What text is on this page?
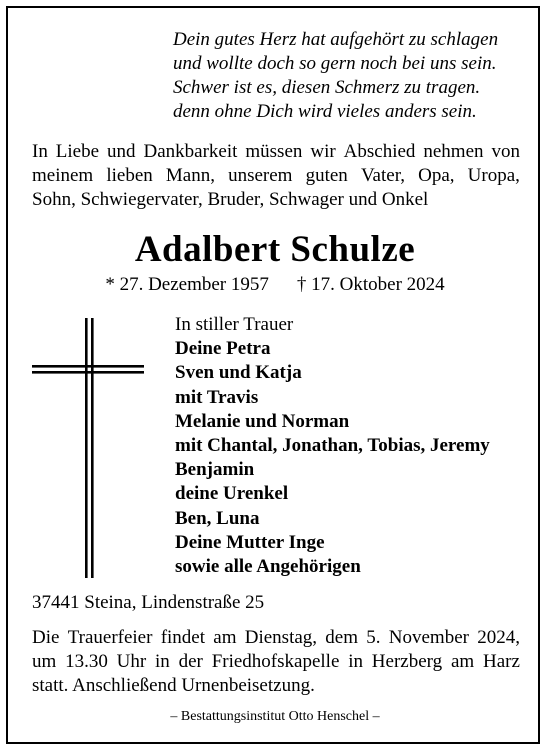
Dein gutes Herz hat aufgehört zu schlagen
und wollte doch so gern noch bei uns sein.
Schwer ist es, diesen Schmerz zu tragen.
denn ohne Dich wird vieles anders sein.
In Liebe und Dankbarkeit müssen wir Abschied nehmen von
meinem lieben Mann, unserem guten Vater, Opa, Uropa,
Sohn, Schwiegervater, Bruder, Schwager und Onkel
Adalbert Schulze
* 27. Dezember 1957 † 17. Oktober 2024
In stiller Trauer
Deine Petra
Sven und Katja
mit Travis
Melanie und Norman
mit Chantal, Jonathan, Tobias, Jeremy
Benjamin
deine Urenkel
Ben, Luna
Deine Mutter Inge
sowie alle Angehörigen
37441 Steina, Lindenstraße 25
Die Trauerfeier findet am Dienstag, dem 5. November 2024,
um 13.30 Uhr in der Friedhofskapelle in Herzberg am Harz
statt. Anschließend Urnenbeisetzung.
– Bestattungsinstitut Otto Henschel –
